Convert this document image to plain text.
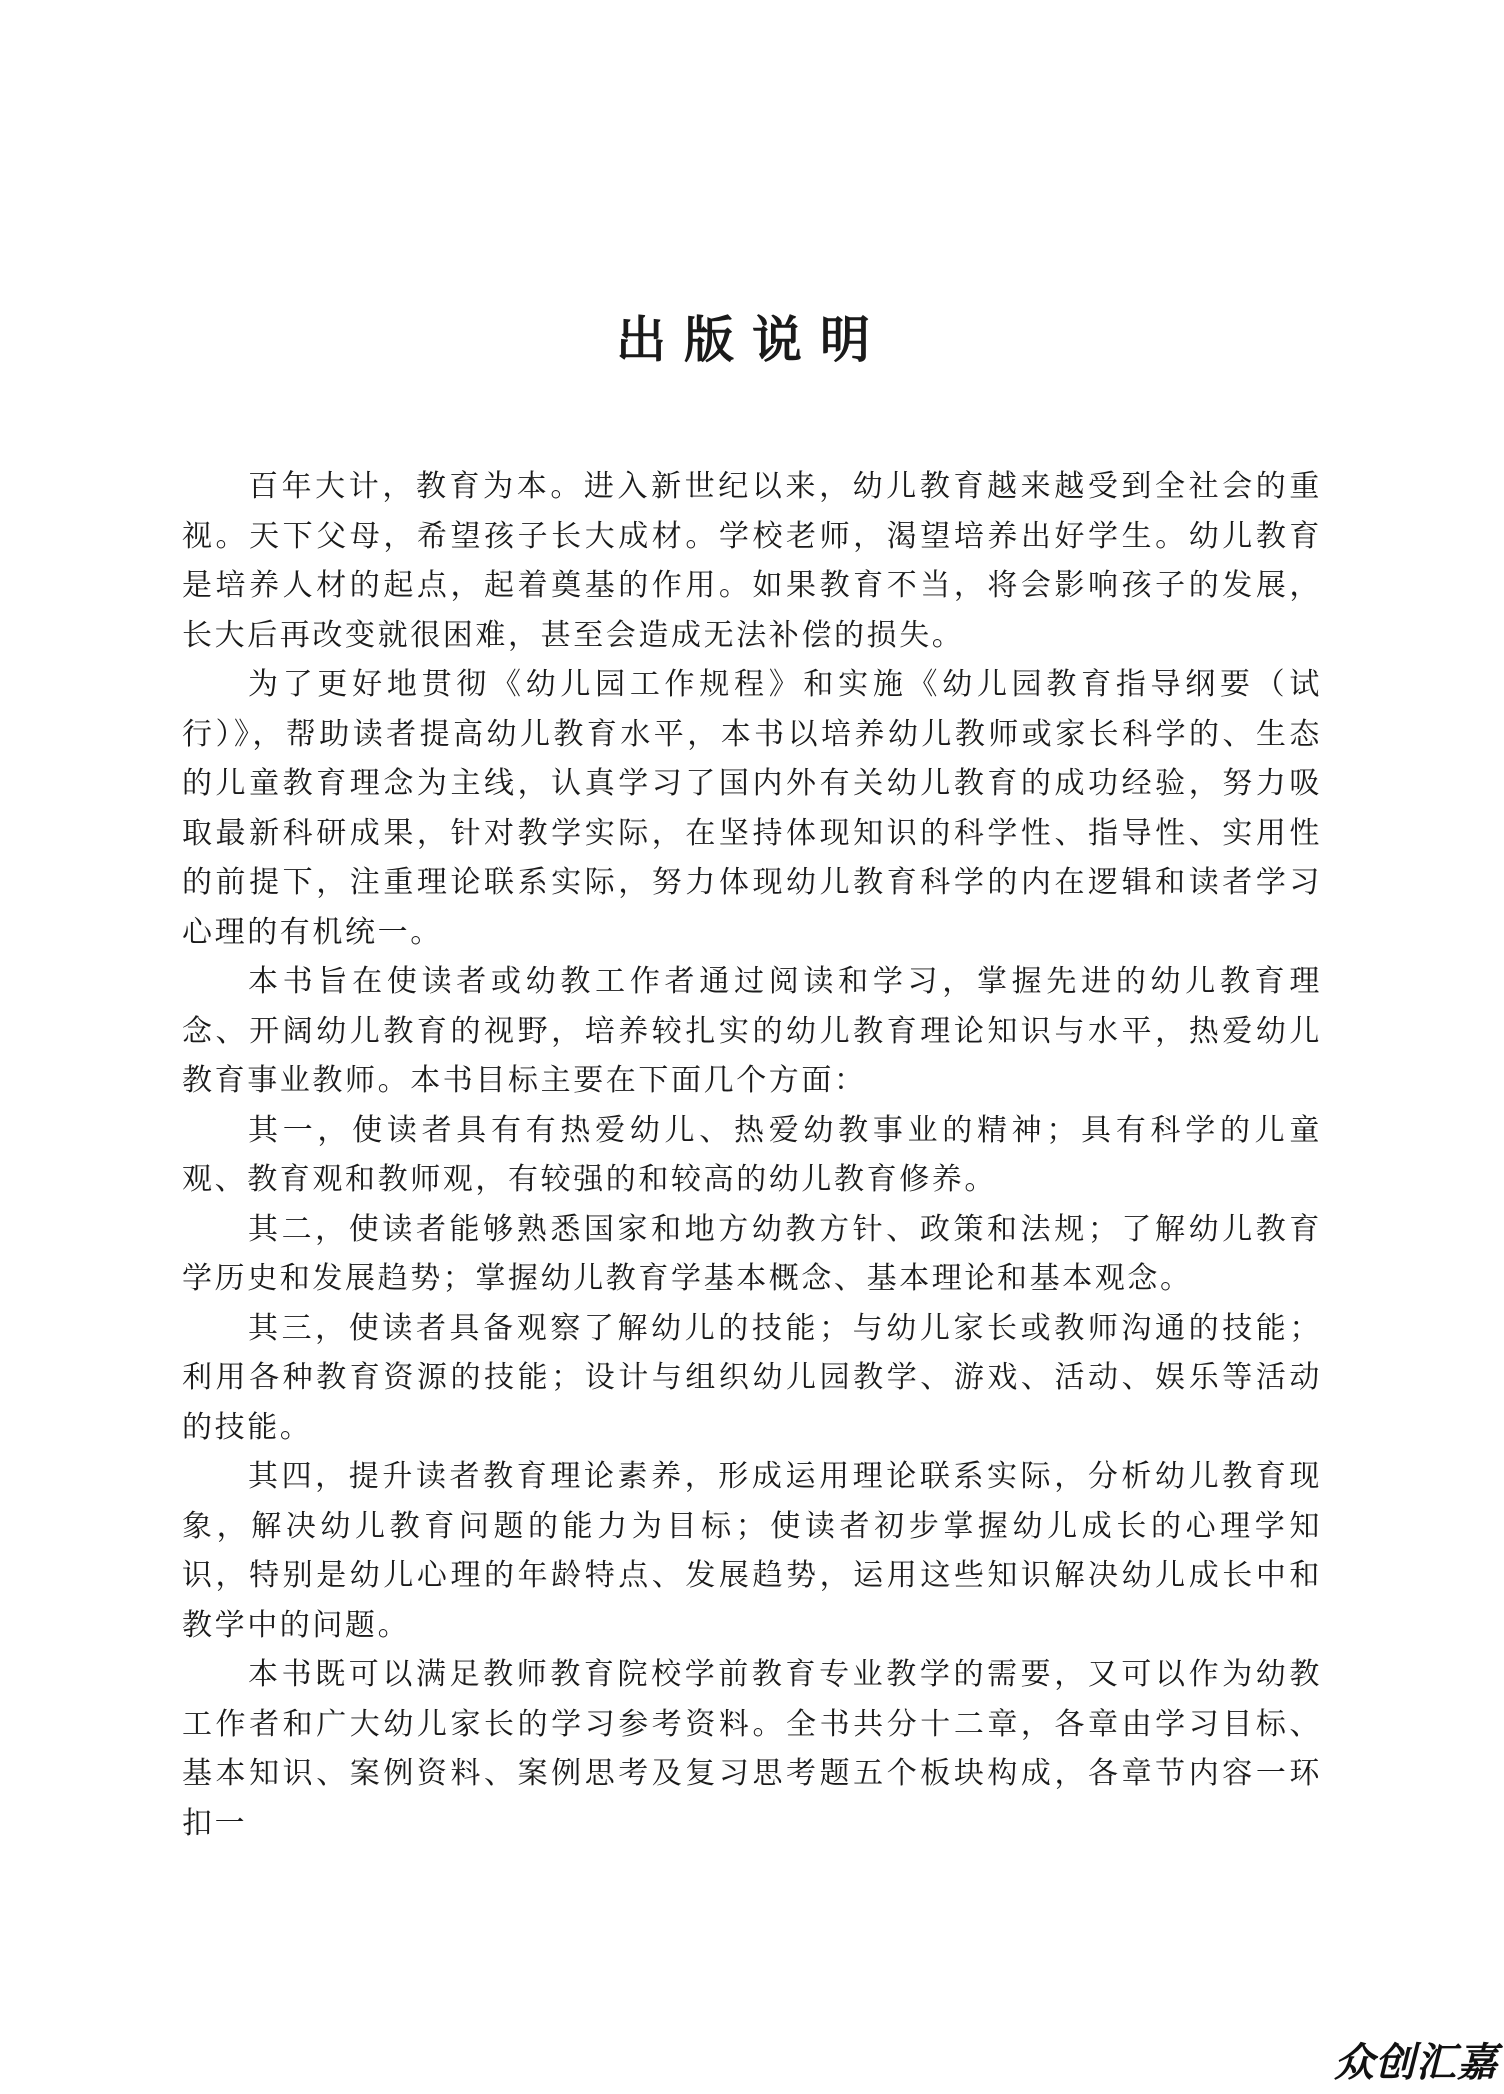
出版说明

百年大计，教育为本。进入新世纪以来，幼儿教育越来越受到全社会的重视。天下父母，希望孩子长大成材。学校老师，渴望培养出好学生。幼儿教育是培养人材的起点，起着奠基的作用。如果教育不当，将会影响孩子的发展，长大后再改变就很困难，甚至会造成无法补偿的损失。

为了更好地贯彻《幼儿园工作规程》和实施《幼儿园教育指导纲要（试行）》，帮助读者提高幼儿教育水平，本书以培养幼儿教师或家长科学的、生态的儿童教育理念为主线，认真学习了国内外有关幼儿教育的成功经验，努力吸取最新科研成果，针对教学实际，在坚持体现知识的科学性、指导性、实用性的前提下，注重理论联系实际，努力体现幼儿教育科学的内在逻辑和读者学习心理的有机统一。

本书旨在使读者或幼教工作者通过阅读和学习，掌握先进的幼儿教育理念、开阔幼儿教育的视野，培养较扎实的幼儿教育理论知识与水平，热爱幼儿教育事业教师。本书目标主要在下面几个方面：

其一，使读者具有有热爱幼儿、热爱幼教事业的精神；具有科学的儿童观、教育观和教师观，有较强的和较高的幼儿教育修养。

其二，使读者能够熟悉国家和地方幼教方针、政策和法规；了解幼儿教育学历史和发展趋势；掌握幼儿教育学基本概念、基本理论和基本观念。

其三，使读者具备观察了解幼儿的技能；与幼儿家长或教师沟通的技能；利用各种教育资源的技能；设计与组织幼儿园教学、游戏、活动、娱乐等活动的技能。

其四，提升读者教育理论素养，形成运用理论联系实际，分析幼儿教育现象，解决幼儿教育问题的能力为目标；使读者初步掌握幼儿成长的心理学知识，特别是幼儿心理的年龄特点、发展趋势，运用这些知识解决幼儿成长中和教学中的问题。

本书既可以满足教师教育院校学前教育专业教学的需要，又可以作为幼教工作者和广大幼儿家长的学习参考资料。全书共分十二章，各章由学习目标、基本知识、案例资料、案例思考及复习思考题五个板块构成，各章节内容一环扣一

众创汇嘉
